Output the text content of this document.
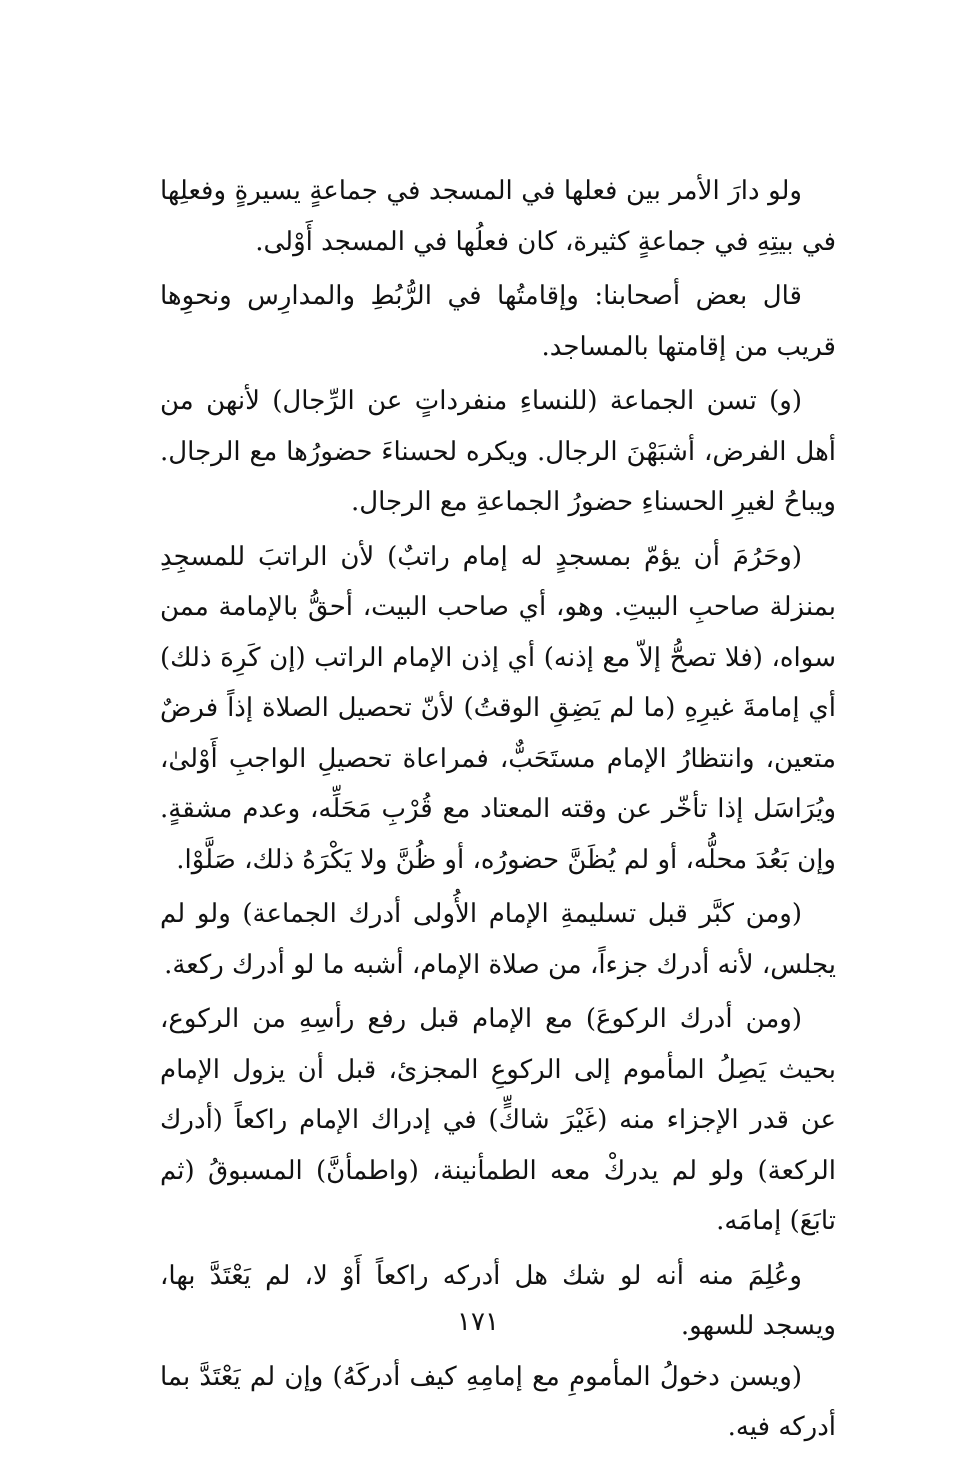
ولو دارَ الأمر بين فعلها في المسجد في جماعةٍ يسيرةٍ وفعلِها في بيتِهِ في جماعةٍ كثيرة، كان فعلُها في المسجد أَوْلى.

قال بعض أصحابنا: وإقامتُها في الرُّبُطِ والمدارِس ونحوِها قريب من إقامتها بالمساجد.

(و) تسن الجماعة (للنساءِ منفرداتٍ عن الرِّجال) لأنهن من أهل الفرض، أشبَهْنَ الرجال. ويكره لحسناءَ حضورُها مع الرجال. ويباحُ لغيرِ الحسناءِ حضورُ الجماعةِ مع الرجال.

(وحَرُمَ أن يؤمّ بمسجدٍ له إمام راتبٌ) لأن الراتبَ للمسجِدِ بمنزلة صاحبِ البيتِ. وهو، أي صاحب البيت، أحقُّ بالإمامة ممن سواه، (فلا تصحُّ إلاّ مع إذنه) أي إذن الإمام الراتب (إن كَرِهَ ذلك) أي إمامةَ غيرِهِ (ما لم يَضِقِ الوقتُ) لأنّ تحصيل الصلاة إذاً فرضٌ متعين، وانتظارُ الإمام مستَحَبٌّ، فمراعاة تحصيلِ الواجبِ أَوْلىٰ، ويُرَاسَل إذا تأخّر عن وقته المعتاد مع قُرْبِ مَحَلِّه، وعدم مشقةٍ. وإن بَعُدَ محلُّه، أو لم يُظَنَّ حضورُه، أو ظُنَّ ولا يَكْرَهُ ذلك، صَلَّوْا.

(ومن كبَّر قبل تسليمةِ الإمام الأُولى أدرك الجماعة) ولو لم يجلس، لأنه أدرك جزءاً، من صلاة الإمام، أشبه ما لو أدرك ركعة.

(ومن أدرك الركوعَ) مع الإمام قبل رفع رأسِهِ من الركوع، بحيث يَصِلُ المأموم إلى الركوعِ المجزئ، قبل أن يزول الإمام عن قدر الإجزاء منه (غَيْرَ شاكٍّ) في إدراك الإمام راكعاً (أدرك الركعة) ولو لم يدركْ معه الطمأنينة، (واطمأنَّ) المسبوقُ (ثم تابَعَ) إمامَه.

وعُلِمَ منه أنه لو شك هل أدركه راكعاً أَوْ لا، لم يَعْتَدَّ بها، ويسجد للسهو.

(ويسن دخولُ المأمومِ مع إمامِهِ كيف أدركَهُ) وإن لم يَعْتَدَّ بما أدركه فيه.

١٧١
